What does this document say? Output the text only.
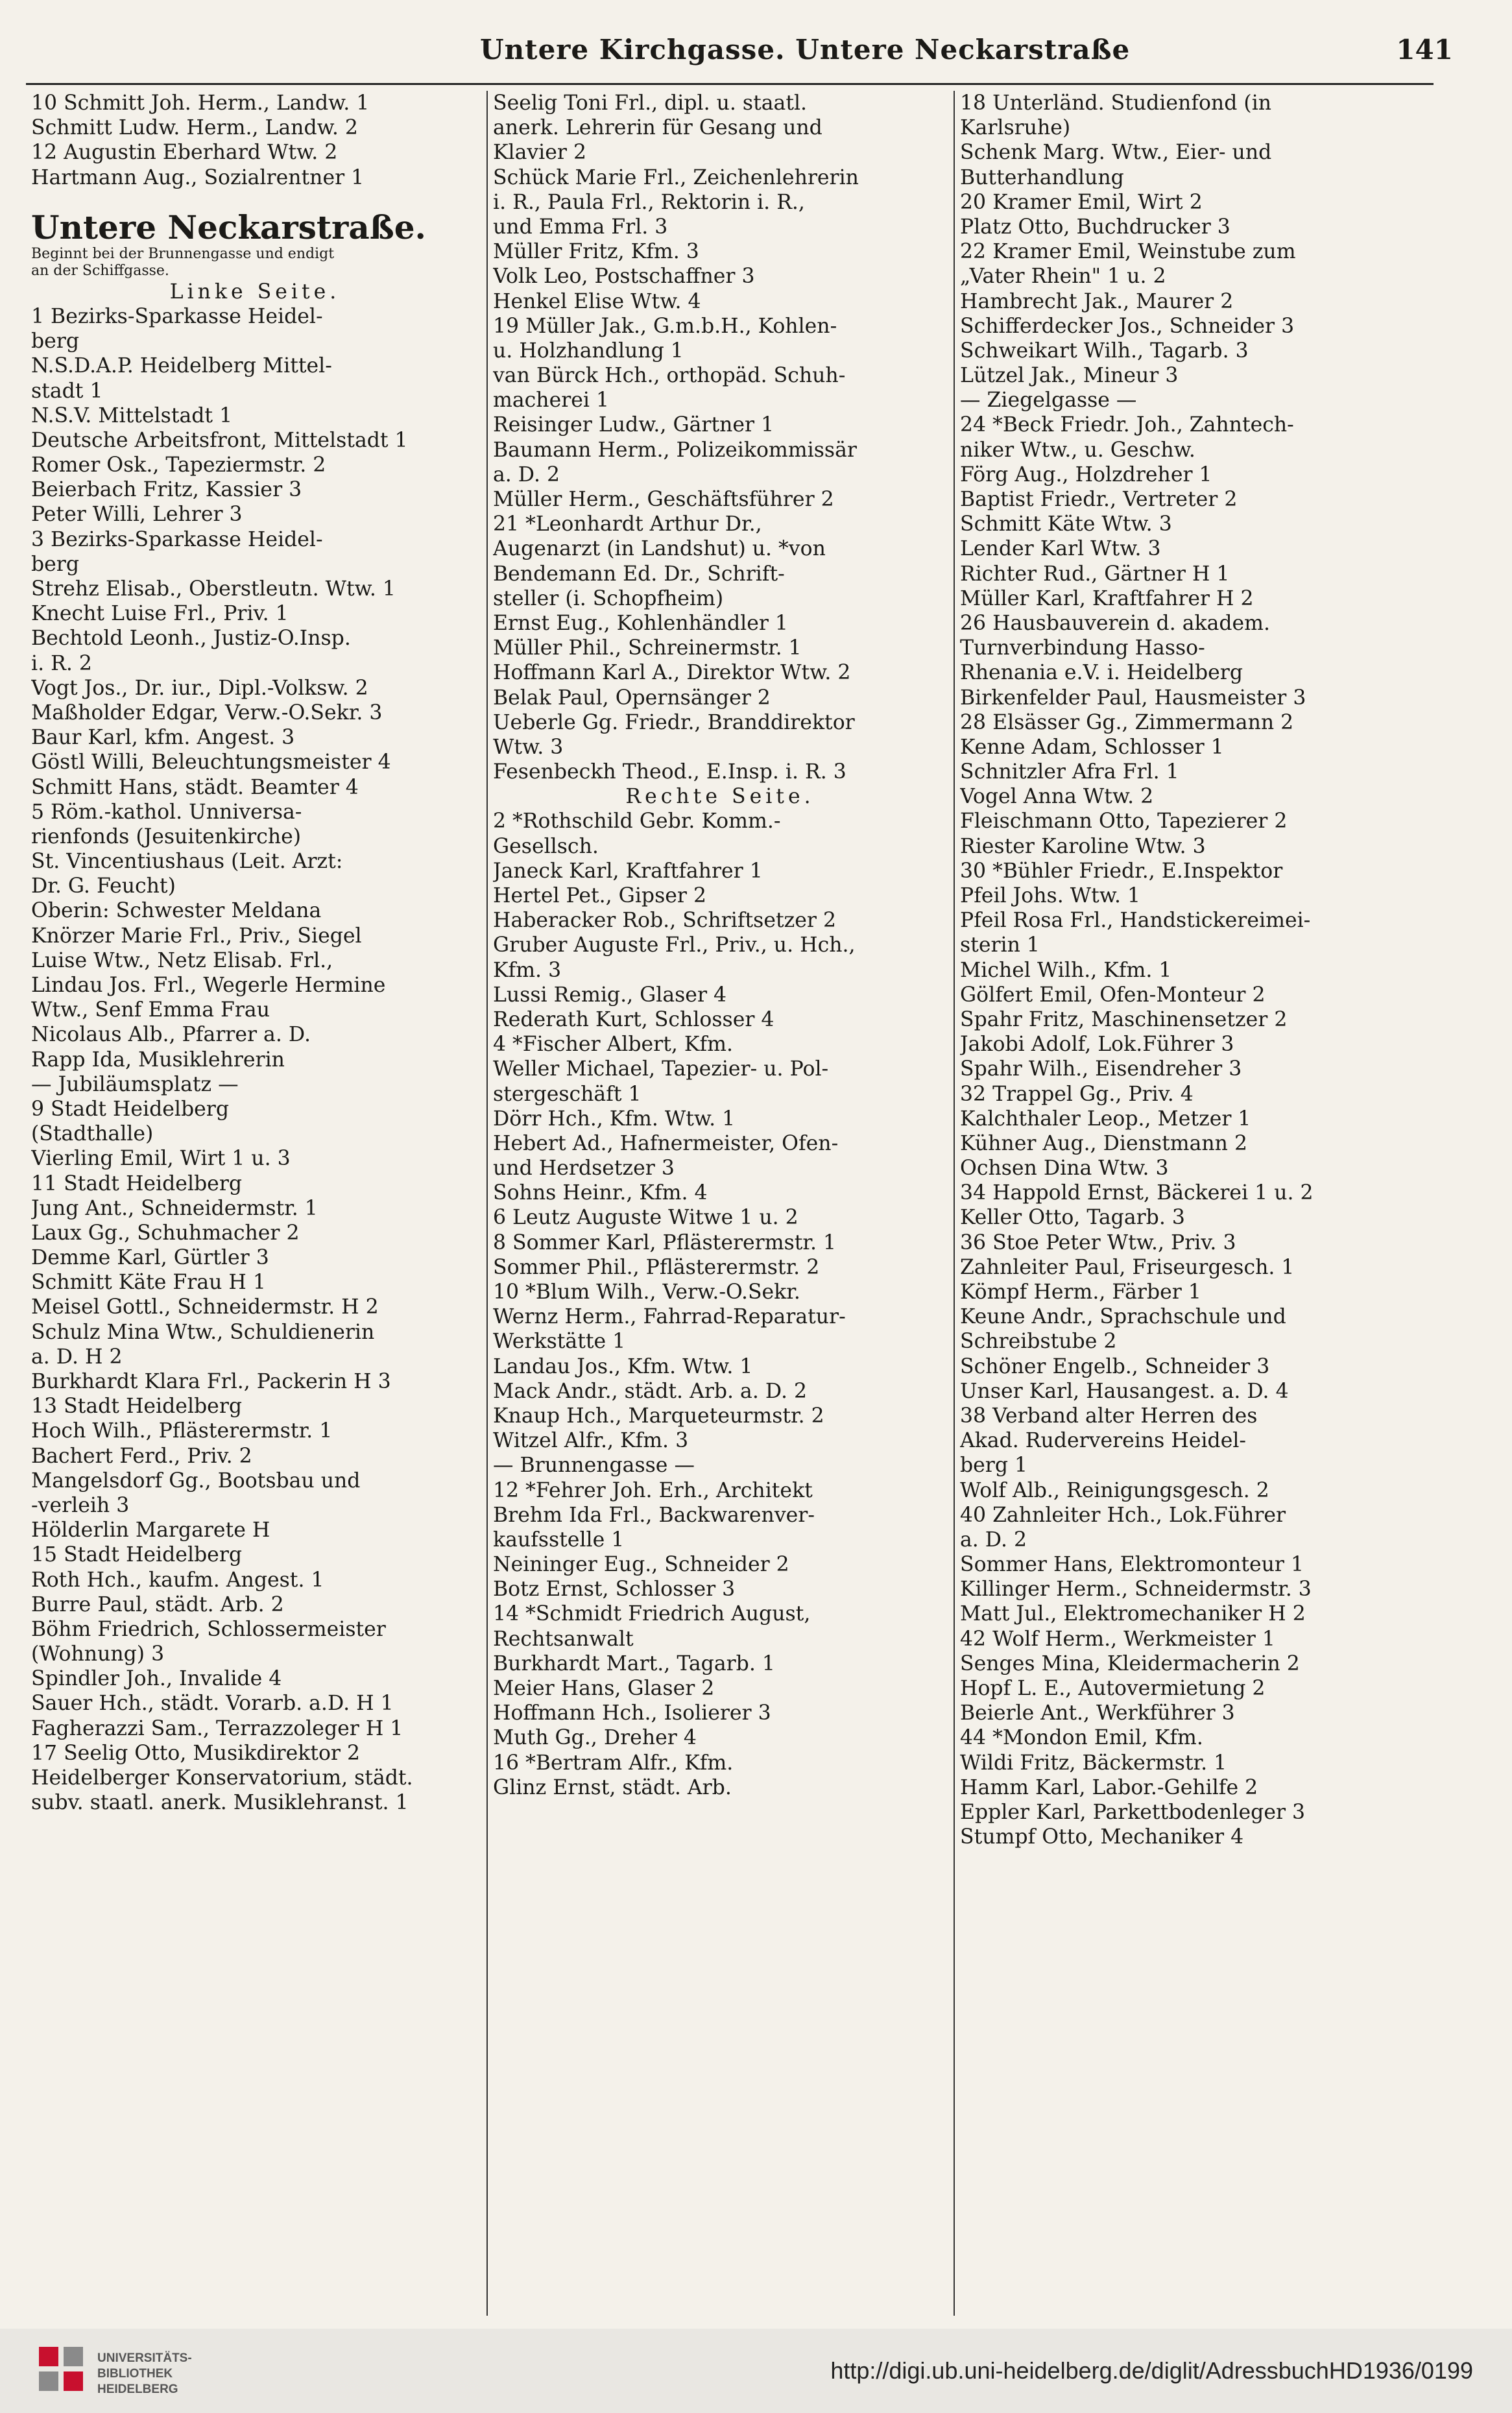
Untere Kirchgasse. Untere Neckarstraße	141
10 Schmitt Joh. Herm., Landw. 1
Schmitt Ludw. Herm., Landw. 2
12 Augustin Eberhard Wtw. 2
Hartmann Aug., Sozialrentner 1
Untere Neckarstraße.
Beginnt bei der Brunnengasse und endigt
an der Schiffgasse.
Linke Seite.
1 Bezirks-Sparkasse Heidel-
berg
N.S.D.A.P. Heidelberg Mittel-
stadt 1
N.S.V. Mittelstadt 1
Deutsche Arbeitsfront, Mittelstadt 1
Romer Osk., Tapeziermstr. 2
Beierbach Fritz, Kassier 3
Peter Willi, Lehrer 3
3 Bezirks-Sparkasse Heidel-
berg
Strehz Elisab., Oberstleutn. Wtw. 1
Knecht Luise Frl., Priv. 1
Bechtold Leonh., Justiz-O.Insp.
i. R. 2
Vogt Jos., Dr. iur., Dipl.-Volksw. 2
Maßholder Edgar, Verw.-O.Sekr. 3
Baur Karl, kfm. Angest. 3
Göstl Willi, Beleuchtungsmeister 4
Schmitt Hans, städt. Beamter 4
5 Röm.-kathol. Unniversa-
rienfonds (Jesuitenkirche)
St. Vincentiushaus (Leit. Arzt:
Dr. G. Feucht)
Oberin: Schwester Meldana
Knörzer Marie Frl., Priv., Siegel
Luise Wtw., Netz Elisab. Frl.,
Lindau Jos. Frl., Wegerle Hermine
Wtw., Senf Emma Frau
Nicolaus Alb., Pfarrer a. D.
Rapp Ida, Musiklehrerin
— Jubiläumsplatz —
9 Stadt Heidelberg
(Stadthalle)
Vierling Emil, Wirt 1 u. 3
11 Stadt Heidelberg
Jung Ant., Schneidermstr. 1
Laux Gg., Schuhmacher 2
Demme Karl, Gürtler 3
Schmitt Käte Frau H 1
Meisel Gottl., Schneidermstr. H 2
Schulz Mina Wtw., Schuldienerin
a. D. H 2
Burkhardt Klara Frl., Packerin H 3
13 Stadt Heidelberg
Hoch Wilh., Pflästerermstr. 1
Bachert Ferd., Priv. 2
Mangelsdorf Gg., Bootsbau und
-verleih 3
Hölderlin Margarete H
15 Stadt Heidelberg
Roth Hch., kaufm. Angest. 1
Burre Paul, städt. Arb. 2
Böhm Friedrich, Schlossermeister
(Wohnung) 3
Spindler Joh., Invalide 4
Sauer Hch., städt. Vorarb. a.D. H 1
Fagherazzi Sam., Terrazzoleger H 1
17 Seelig Otto, Musikdirektor 2
Heidelberger Konservatorium, städt.
subv. staatl. anerk. Musiklehranst. 1
Seelig Toni Frl., dipl. u. staatl.
anerk. Lehrerin für Gesang und
Klavier 2
Schück Marie Frl., Zeichenlehrerin
i. R., Paula Frl., Rektorin i. R.,
und Emma Frl. 3
Müller Fritz, Kfm. 3
Volk Leo, Postschaffner 3
Henkel Elise Wtw. 4
19 Müller Jak., G.m.b.H., Kohlen-
u. Holzhandlung 1
van Bürck Hch., orthopäd. Schuh-
macherei 1
Reisinger Ludw., Gärtner 1
Baumann Herm., Polizeikommissär
a. D. 2
Müller Herm., Geschäftsführer 2
21 *Leonhardt Arthur Dr.,
Augenarzt (in Landshut) u. *von
Bendemann Ed. Dr., Schrift-
steller (i. Schopfheim)
Ernst Eug., Kohlenhändler 1
Müller Phil., Schreinermstr. 1
Hoffmann Karl A., Direktor Wtw. 2
Belak Paul, Opernsänger 2
Ueberle Gg. Friedr., Branddirektor
Wtw. 3
Fesenbeckh Theod., E.Insp. i. R. 3
Rechte Seite.
2 *Rothschild Gebr. Komm.-
Gesellsch.
Janeck Karl, Kraftfahrer 1
Hertel Pet., Gipser 2
Haberacker Rob., Schriftsetzer 2
Gruber Auguste Frl., Priv., u. Hch.,
Kfm. 3
Lussi Remig., Glaser 4
Rederath Kurt, Schlosser 4
4 *Fischer Albert, Kfm.
Weller Michael, Tapezier- u. Pol-
stergeschäft 1
Dörr Hch., Kfm. Wtw. 1
Hebert Ad., Hafnermeister, Ofen-
und Herdsetzer 3
Sohns Heinr., Kfm. 4
6 Leutz Auguste Witwe 1 u. 2
8 Sommer Karl, Pflästerermstr. 1
Sommer Phil., Pflästerermstr. 2
10 *Blum Wilh., Verw.-O.Sekr.
Wernz Herm., Fahrrad-Reparatur-
Werkstätte 1
Landau Jos., Kfm. Wtw. 1
Mack Andr., städt. Arb. a. D. 2
Knaup Hch., Marqueteurmstr. 2
Witzel Alfr., Kfm. 3
— Brunnengasse —
12 *Fehrer Joh. Erh., Architekt
Brehm Ida Frl., Backwarenver-
kaufsstelle 1
Neininger Eug., Schneider 2
Botz Ernst, Schlosser 3
14 *Schmidt Friedrich August,
Rechtsanwalt
Burkhardt Mart., Tagarb. 1
Meier Hans, Glaser 2
Hoffmann Hch., Isolierer 3
Muth Gg., Dreher 4
16 *Bertram Alfr., Kfm.
Glinz Ernst, städt. Arb.
18 Unterländ. Studienfond (in
Karlsruhe)
Schenk Marg. Wtw., Eier- und
Butterhandlung
20 Kramer Emil, Wirt 2
Platz Otto, Buchdrucker 3
22 Kramer Emil, Weinstube zum
„Vater Rhein" 1 u. 2
Hambrecht Jak., Maurer 2
Schifferdecker Jos., Schneider 3
Schweikart Wilh., Tagarb. 3
Lützel Jak., Mineur 3
— Ziegelgasse —
24 *Beck Friedr. Joh., Zahntech-
niker Wtw., u. Geschw.
Förg Aug., Holzdreher 1
Baptist Friedr., Vertreter 2
Schmitt Käte Wtw. 3
Lender Karl Wtw. 3
Richter Rud., Gärtner H 1
Müller Karl, Kraftfahrer H 2
26 Hausbauverein d. akadem.
Turnverbindung Hasso-
Rhenania e.V. i. Heidelberg
Birkenfelder Paul, Hausmeister 3
28 Elsässer Gg., Zimmermann 2
Kenne Adam, Schlosser 1
Schnitzler Afra Frl. 1
Vogel Anna Wtw. 2
Fleischmann Otto, Tapezierer 2
Riester Karoline Wtw. 3
30 *Bühler Friedr., E.Inspektor
Pfeil Johs. Wtw. 1
Pfeil Rosa Frl., Handstickereimei-
sterin 1
Michel Wilh., Kfm. 1
Gölfert Emil, Ofen-Monteur 2
Spahr Fritz, Maschinensetzer 2
Jakobi Adolf, Lok.Führer 3
Spahr Wilh., Eisendreher 3
32 Trappel Gg., Priv. 4
Kalchthaler Leop., Metzer 1
Kühner Aug., Dienstmann 2
Ochsen Dina Wtw. 3
34 Happold Ernst, Bäckerei 1 u. 2
Keller Otto, Tagarb. 3
36 Stoe Peter Wtw., Priv. 3
Zahnleiter Paul, Friseurgesch. 1
Kömpf Herm., Färber 1
Keune Andr., Sprachschule und
Schreibstube 2
Schöner Engelb., Schneider 3
Unser Karl, Hausangest. a. D. 4
38 Verband alter Herren des
Akad. Rudervereins Heidel-
berg 1
Wolf Alb., Reinigungsgesch. 2
40 Zahnleiter Hch., Lok.Führer
a. D. 2
Sommer Hans, Elektromonteur 1
Killinger Herm., Schneidermstr. 3
Matt Jul., Elektromechaniker H 2
42 Wolf Herm., Werkmeister 1
Senges Mina, Kleidermacherin 2
Hopf L. E., Autovermietung 2
Beierle Ant., Werkführer 3
44 *Mondon Emil, Kfm.
Wildi Fritz, Bäckermstr. 1
Hamm Karl, Labor.-Gehilfe 2
Eppler Karl, Parkettbodenleger 3
Stumpf Otto, Mechaniker 4
UNIVERSITÄTS-
BIBLIOTHEK
HEIDELBERG
http://digi.ub.uni-heidelberg.de/diglit/AdressbuchHD1936/0199
